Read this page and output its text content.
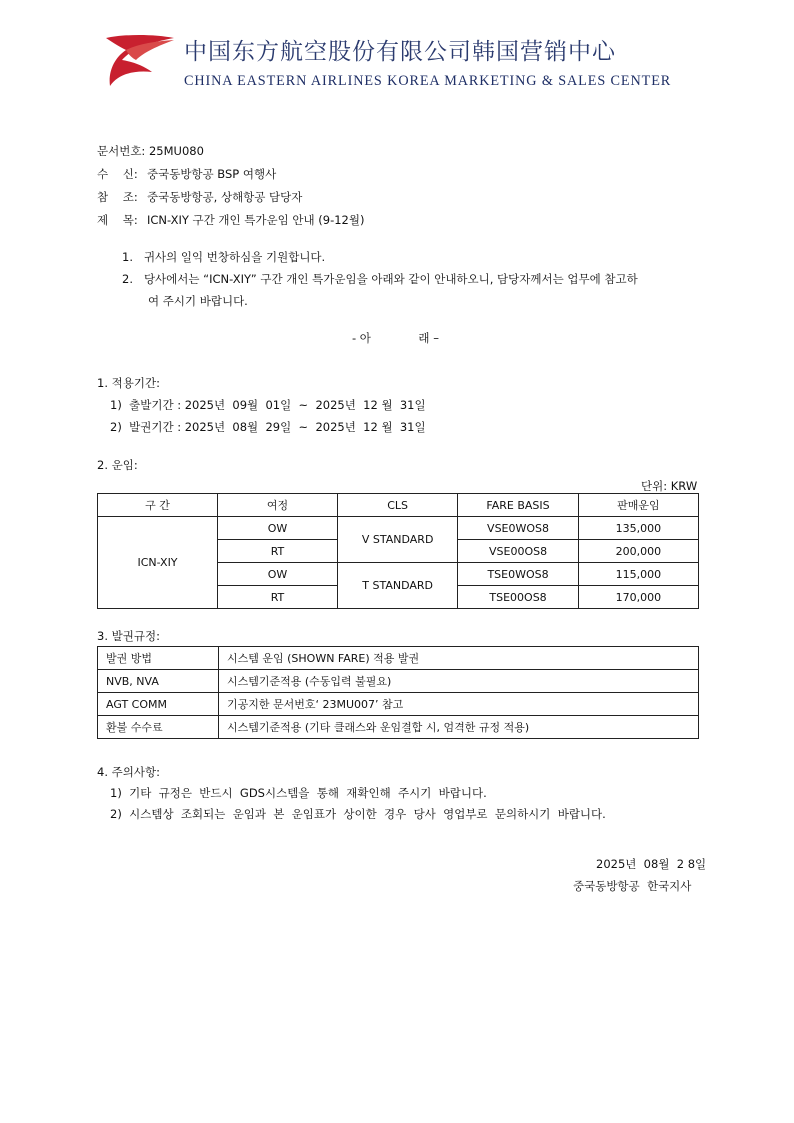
中国东方航空股份有限公司韩国营销中心
CHINA EASTERN AIRLINES KOREA MARKETING & SALES CENTER
문서번호: 25MU080
수    신: 중국동방항공 BSP 여행사
참    조: 중국동방항공, 상해항공 담당자
제    목: ICN-XIY 구간 개인 특가운임 안내 (9-12월)
1.   귀사의 일익 번창하심을 기원합니다.
2.   당사에서는 “ICN-XIY” 구간 개인 특가운임을 아래와 같이 안내하오니, 담당자께서는 업무에 참고하
여 주시기 바랍니다.
- 아             래 –
1. 적용기간:
1)  출발기간 : 2025년  09월  01일  ~  2025년  12 월  31일
2)  발권기간 : 2025년  08월  29일  ~  2025년  12 월  31일
2. 운임:
단위: KRW
구 간	여정	CLS	FARE BASIS	판매운임
ICN-XIY	OW	V STANDARD	VSE0WOS8	135,000
	RT		VSE00OS8	200,000
	OW	T STANDARD	TSE0WOS8	115,000
	RT		TSE00OS8	170,000
3. 발권규정:
발권 방법	시스템 운임 (SHOWN FARE) 적용 발권
NVB, NVA	시스템기준적용 (수동입력 불필요)
AGT COMM	기공지한 문서번호‘ 23MU007’ 참고
환불 수수료	시스템기준적용 (기타 클래스와 운임결합 시, 엄격한 규정 적용)
4. 주의사항:
1)  기타  규정은  반드시  GDS시스템을  통해  재확인해  주시기  바랍니다.
2)  시스템상  조회되는  운임과  본  운임표가  상이한  경우  당사  영업부로  문의하시기  바랍니다.
2025년  08월  2 8일
중국동방항공  한국지사
